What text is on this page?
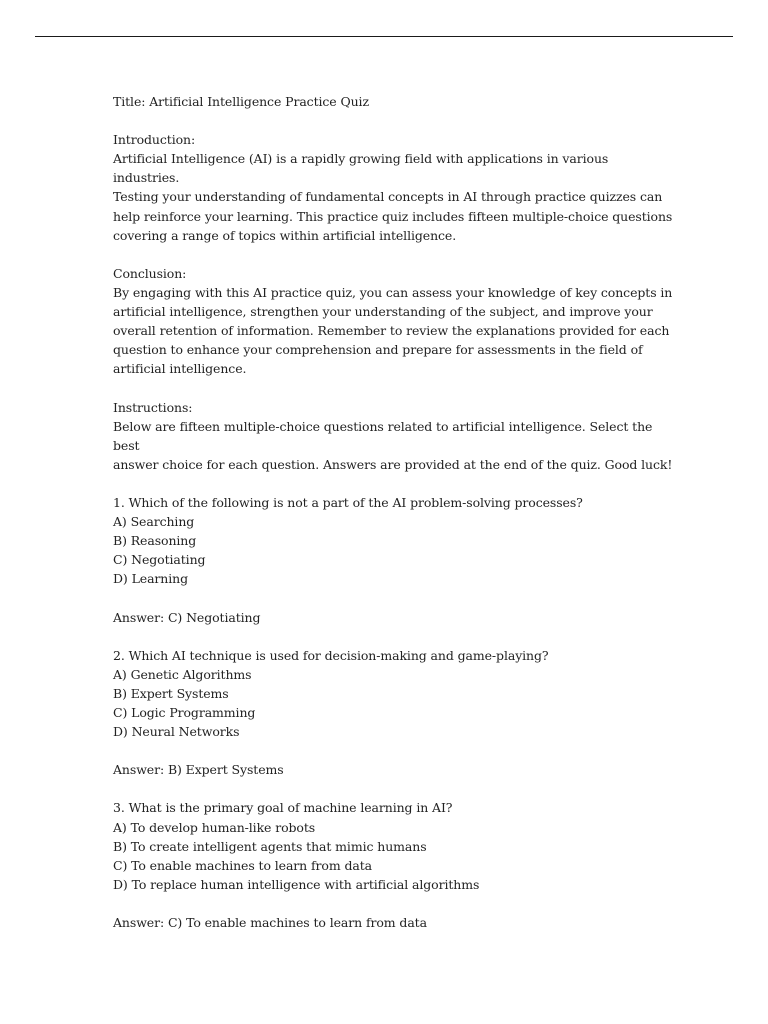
Title: Artificial Intelligence Practice Quiz

Introduction:

Artificial Intelligence (AI) is a rapidly growing field with applications in various industries.
Testing your understanding of fundamental concepts in AI through practice quizzes can
help reinforce your learning. This practice quiz includes fifteen multiple-choice questions
covering a range of topics within artificial intelligence.

Conclusion:

By engaging with this AI practice quiz, you can assess your knowledge of key concepts in
artificial intelligence, strengthen your understanding of the subject, and improve your
overall retention of information. Remember to review the explanations provided for each
question to enhance your comprehension and prepare for assessments in the field of
artificial intelligence.

Instructions:

Below are fifteen multiple-choice questions related to artificial intelligence. Select the best
answer choice for each question. Answers are provided at the end of the quiz. Good luck!

1. Which of the following is not a part of the AI problem-solving processes?

A) Searching

B) Reasoning

C) Negotiating

D) Learning

Answer: C) Negotiating

2. Which AI technique is used for decision-making and game-playing?

A) Genetic Algorithms

B) Expert Systems

C) Logic Programming

D) Neural Networks

Answer: B) Expert Systems

3. What is the primary goal of machine learning in AI?

A) To develop human-like robots

B) To create intelligent agents that mimic humans

C) To enable machines to learn from data

D) To replace human intelligence with artificial algorithms

Answer: C) To enable machines to learn from data
